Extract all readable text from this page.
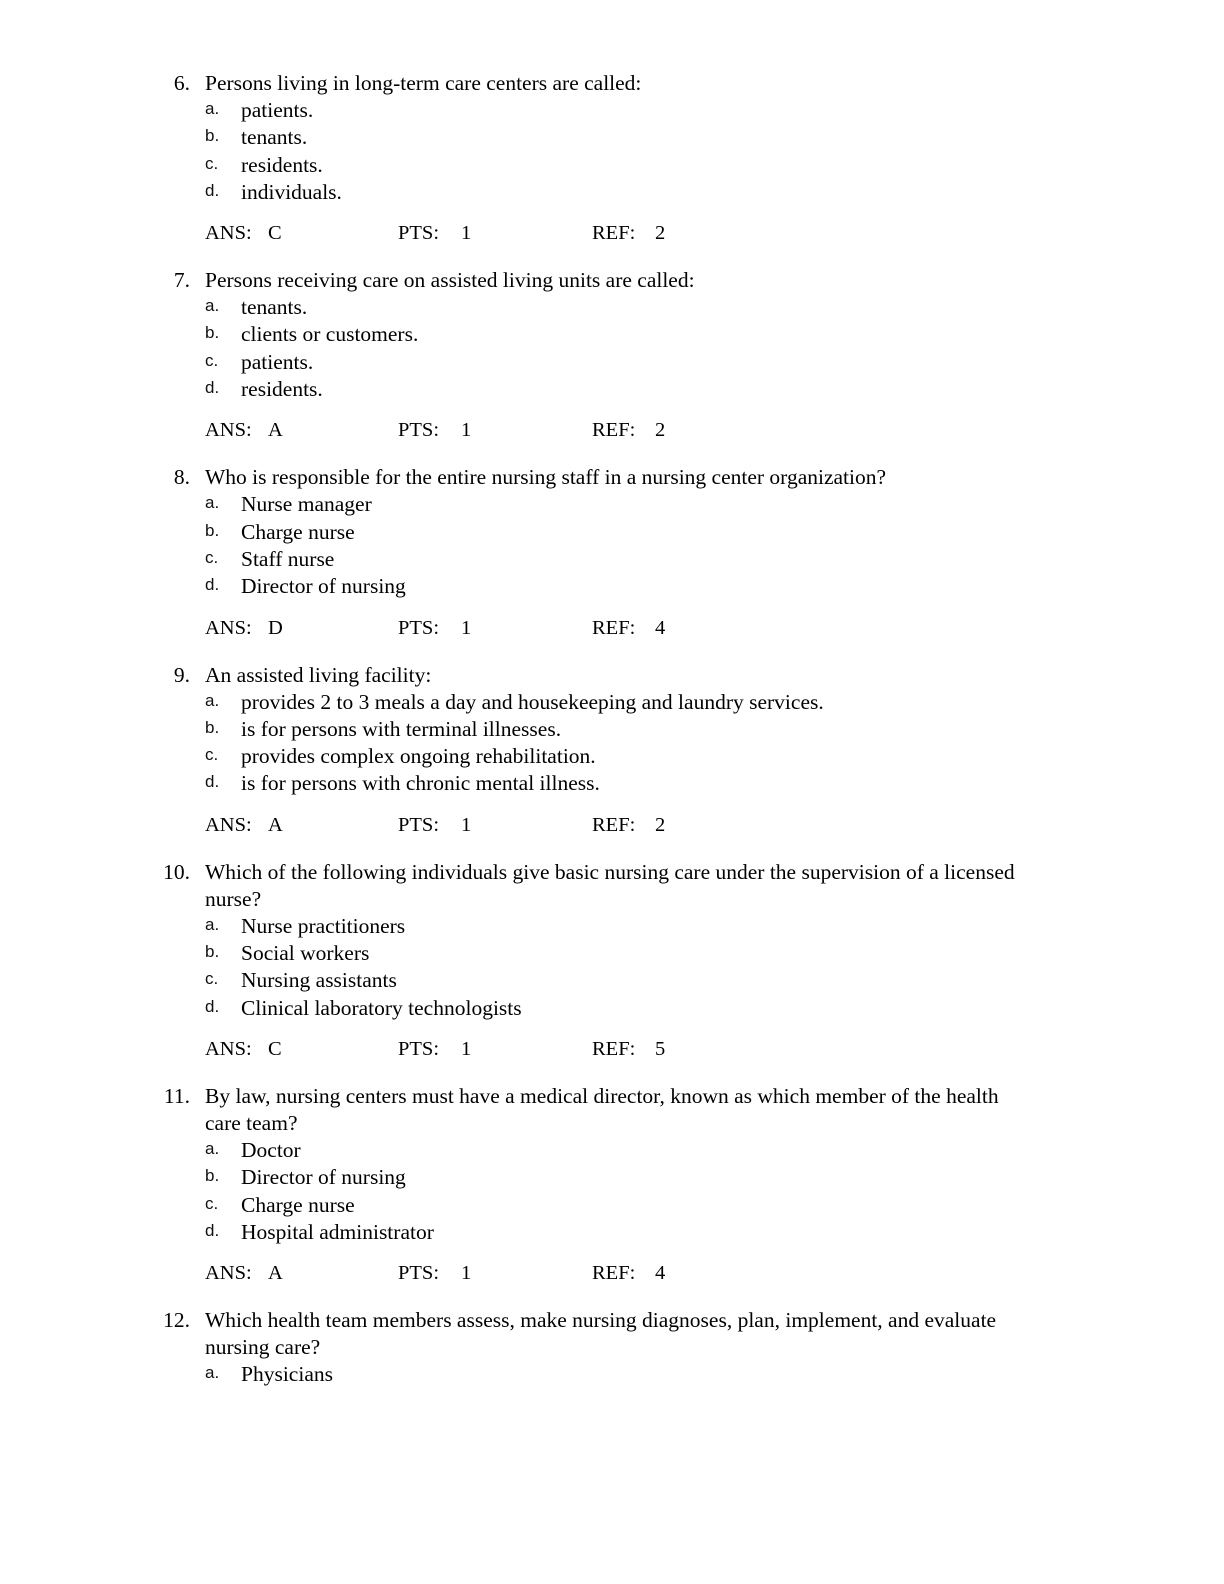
6. Persons living in long-term care centers are called:
a. patients.
b. tenants.
c. residents.
d. individuals.
ANS: C	PTS: 1	REF: 2
7. Persons receiving care on assisted living units are called:
a. tenants.
b. clients or customers.
c. patients.
d. residents.
ANS: A	PTS: 1	REF: 2
8. Who is responsible for the entire nursing staff in a nursing center organization?
a. Nurse manager
b. Charge nurse
c. Staff nurse
d. Director of nursing
ANS: D	PTS: 1	REF: 4
9. An assisted living facility:
a. provides 2 to 3 meals a day and housekeeping and laundry services.
b. is for persons with terminal illnesses.
c. provides complex ongoing rehabilitation.
d. is for persons with chronic mental illness.
ANS: A	PTS: 1	REF: 2
10. Which of the following individuals give basic nursing care under the supervision of a licensed nurse?
a. Nurse practitioners
b. Social workers
c. Nursing assistants
d. Clinical laboratory technologists
ANS: C	PTS: 1	REF: 5
11. By law, nursing centers must have a medical director, known as which member of the health care team?
a. Doctor
b. Director of nursing
c. Charge nurse
d. Hospital administrator
ANS: A	PTS: 1	REF: 4
12. Which health team members assess, make nursing diagnoses, plan, implement, and evaluate nursing care?
a. Physicians
